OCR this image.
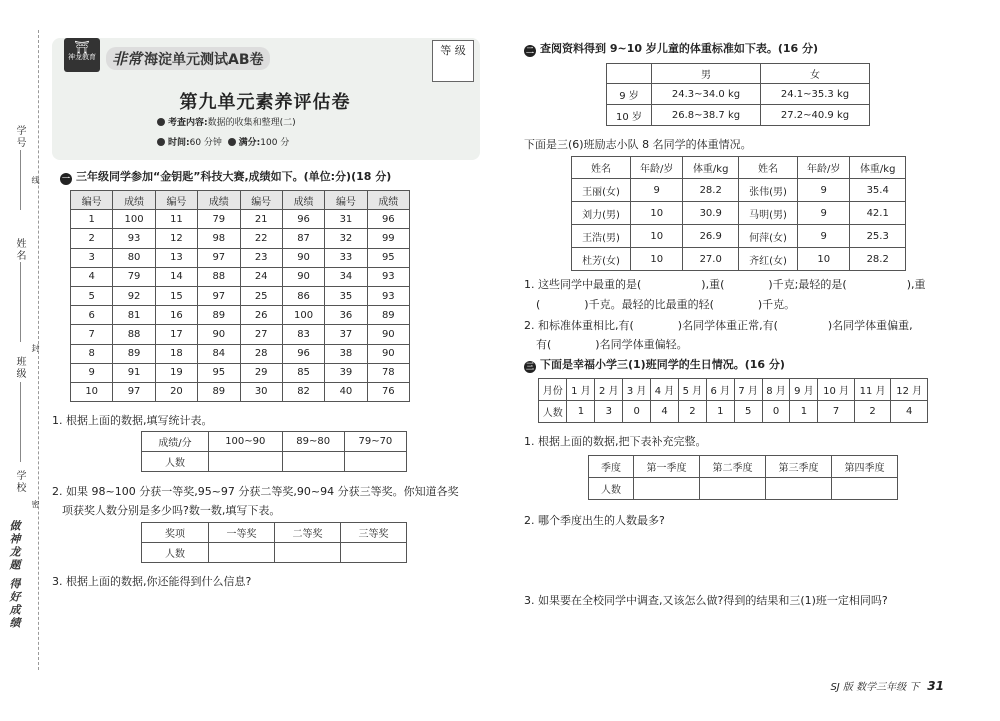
学号
姓名
班级
学校
线
封
密
做神龙题 得好成绩
⛩
神龙教育	非常 海淀单元测试AB卷
等 级
第九单元素养评估卷
考查内容:数据的收集和整理(二)
时间:60 分钟 满分:100 分
一 三年级同学参加“金钥匙”科技大赛,成绩如下。(单位:分)(18 分)
编号	成绩	编号	成绩	编号	成绩	编号	成绩
1	100	11	79	21	96	31	96
2	93	12	98	22	87	32	99
3	80	13	97	23	90	33	95
4	79	14	88	24	90	34	93
5	92	15	97	25	86	35	93
6	81	16	89	26	100	36	89
7	88	17	90	27	83	37	90
8	89	18	84	28	96	38	90
9	91	19	95	29	85	39	78
10	97	20	89	30	82	40	76
1. 根据上面的数据,填写统计表。
成绩/分	100~90	89~80	79~70
人数			
2. 如果 98~100 分获一等奖,95~97 分获二等奖,90~94 分获三等奖。你知道各奖
项获奖人数分别是多少吗?数一数,填写下表。
奖项	一等奖	二等奖	三等奖
人数			
3. 根据上面的数据,你还能得到什么信息?
二 查阅资料得到 9~10 岁儿童的体重标准如下表。(16 分)
	男	女
9 岁	24.3~34.0 kg	24.1~35.3 kg
10 岁	26.8~38.7 kg	27.2~40.9 kg
下面是三(6)班励志小队 8 名同学的体重情况。
姓名	年龄/岁	体重/kg	姓名	年龄/岁	体重/kg
王丽(女)	9	28.2	张伟(男)	9	35.4
刘力(男)	10	30.9	马明(男)	9	42.1
王浩(男)	10	26.9	何萍(女)	9	25.3
杜芳(女)	10	27.0	齐红(女)	10	28.2
1. 这些同学中最重的是(	),重(	)千克;最轻的是(	),重
(	)千克。最轻的比最重的轻(	)千克。
2. 和标准体重相比,有(	)名同学体重正常,有(	)名同学体重偏重,
有(	)名同学体重偏轻。
三 下面是幸福小学三(1)班同学的生日情况。(16 分)
月份	1 月	2 月	3 月	4 月	5 月	6 月	7 月	8 月	9 月	10 月	11 月	12 月
人数	1	3	0	4	2	1	5	0	1	7	2	4
1. 根据上面的数据,把下表补充完整。
季度	第一季度	第二季度	第三季度	第四季度
人数				
2. 哪个季度出生的人数最多?
3. 如果要在全校同学中调查,又该怎么做?得到的结果和三(1)班一定相同吗?
SJ 版 数学三年级 下 31
